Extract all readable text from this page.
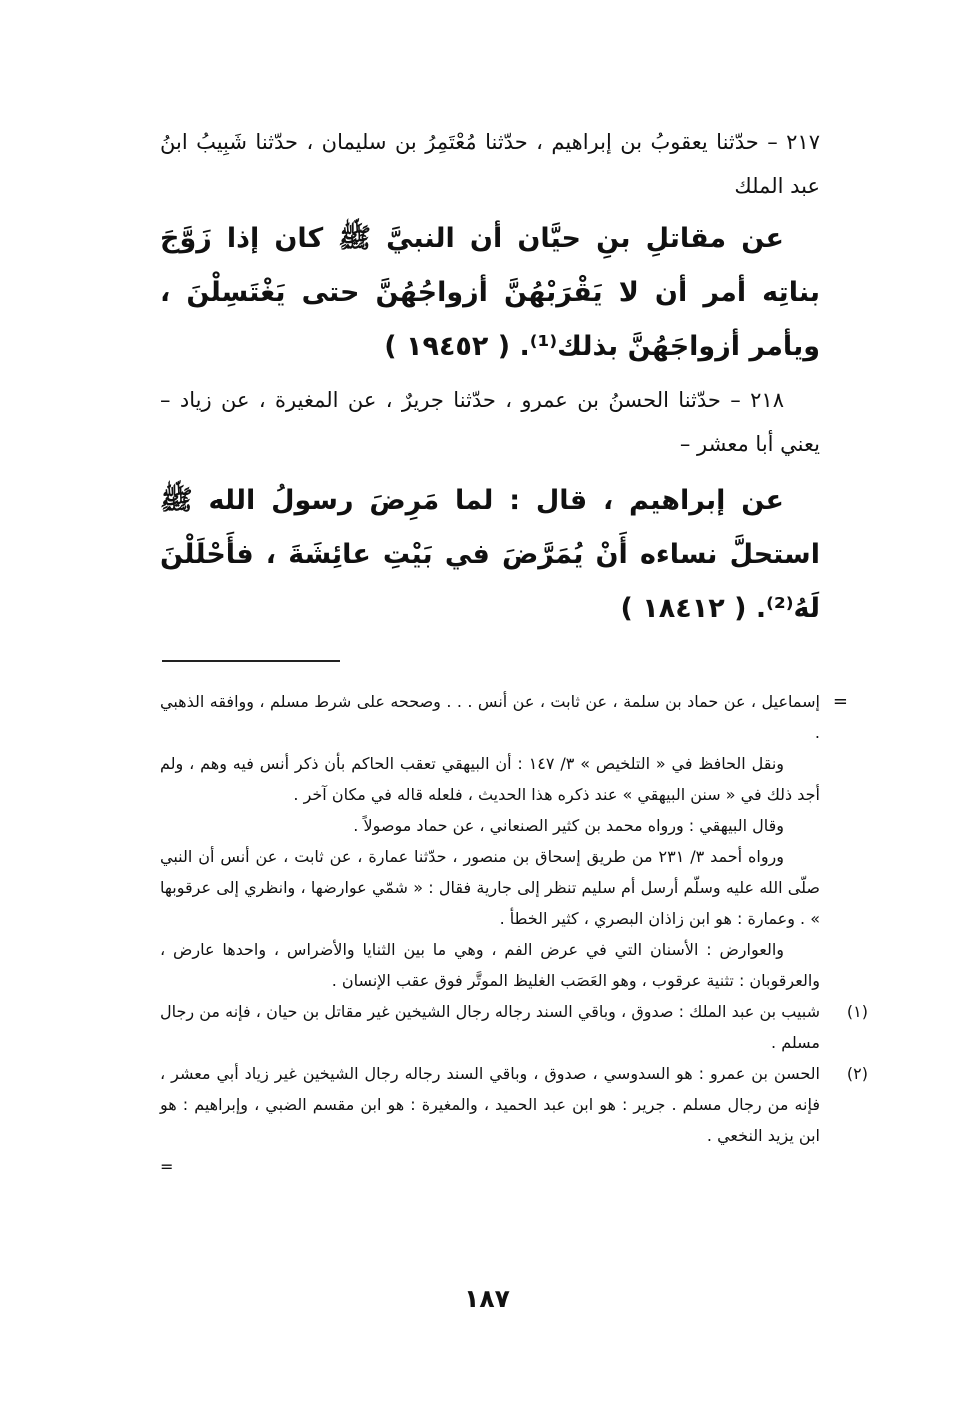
٢١٧ – حدّثنا يعقوبُ بن إبراهيم ، حدّثنا مُعْتَمِرُ بن سليمان ، حدّثنا شَبِيبُ ابنُ عبد الملك

عن مقاتلِ بنِ حيَّان أن النبيَّ ﷺ كان إذا زَوَّجَ بناتِه أمر أن لا يَقْرَبْهُنَّ أزواجُهُنَّ حتى يَغْتَسِلْنَ ، ويأمر أزواجَهُنَّ بذلك⁽¹⁾. ( ١٩٤٥٢ )

٢١٨ – حدّثنا الحسنُ بن عمرو ، حدّثنا جريرٌ ، عن المغيرة ، عن زياد – يعني أبا معشر –

عن إبراهيم ، قال : لما مَرِضَ رسولُ الله ﷺ استحلَّ نساءه أَنْ يُمَرَّضَ في بَيْتِ عائِشَةَ ، فأَحْلَلْنَ لَهُ⁽²⁾. ( ١٨٤١٢ )

=

إسماعيل ، عن حماد بن سلمة ، عن ثابت ، عن أنس . . . وصححه على شرط مسلم ، ووافقه الذهبي .

ونقل الحافظ في « التلخيص » ٣/ ١٤٧ : أن البيهقي تعقب الحاكم بأن ذكر أنس فيه وهم ، ولم أجد ذلك في « سنن البيهقي » عند ذكره هذا الحديث ، فلعله قاله في مكان آخر .

وقال البيهقي : ورواه محمد بن كثير الصنعاني ، عن حماد موصولاً .

ورواه أحمد ٣/ ٢٣١ من طريق إسحاق بن منصور ، حدّثنا عمارة ، عن ثابت ، عن أنس أن النبي صلّى الله عليه وسلّم أرسل أم سليم تنظر إلى جارية فقال : « شمّي عوارضها ، وانظري إلى عرقوبها » . وعمارة : هو ابن زاذان البصري ، كثير الخطأ .

والعوارض : الأسنان التي في عرض الفم ، وهي ما بين الثنايا والأضراس ، واحدها عارض ، والعرقوبان : تثنية عرقوب ، وهو العَصَب الغليظ الموتَّر فوق عقب الإنسان .

(١)

شبيب بن عبد الملك : صدوق ، وباقي السند رجاله رجال الشيخين غير مقاتل بن حيان ، فإنه من رجال مسلم .

(٢)

الحسن بن عمرو : هو السدوسي ، صدوق ، وباقي السند رجاله رجال الشيخين غير زياد أبي معشر ، فإنه من رجال مسلم . جرير : هو ابن عبد الحميد ، والمغيرة : هو ابن مقسم الضبي ، وإبراهيم : هو ابن يزيد النخعي .

=
١٨٧
